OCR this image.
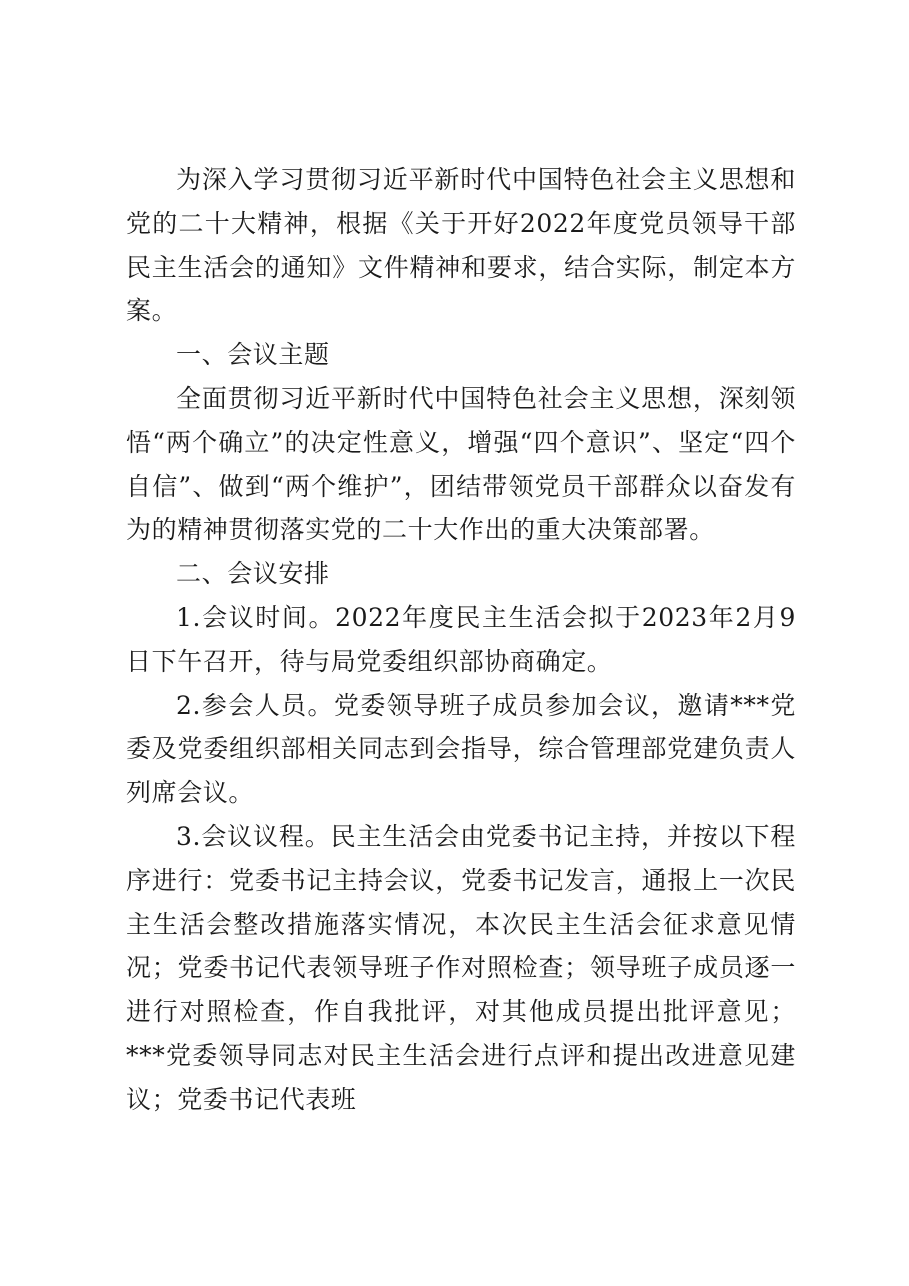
为深入学习贯彻习近平新时代中国特色社会主义思想和党的二十大精神，根据《关于开好2022年度党员领导干部民主生活会的通知》文件精神和要求，结合实际，制定本方案。

一、会议主题

全面贯彻习近平新时代中国特色社会主义思想，深刻领悟“两个确立”的决定性意义，增强“四个意识”、坚定“四个自信”、做到“两个维护”，团结带领党员干部群众以奋发有为的精神贯彻落实党的二十大作出的重大决策部署。

二、会议安排

1.会议时间。2022年度民主生活会拟于2023年2月9日下午召开，待与局党委组织部协商确定。

2.参会人员。党委领导班子成员参加会议，邀请***党委及党委组织部相关同志到会指导，综合管理部党建负责人列席会议。

3.会议议程。民主生活会由党委书记主持，并按以下程序进行：党委书记主持会议，党委书记发言，通报上一次民主生活会整改措施落实情况，本次民主生活会征求意见情况；党委书记代表领导班子作对照检查；领导班子成员逐一进行对照检查，作自我批评，对其他成员提出批评意见；***党委领导同志对民主生活会进行点评和提出改进意见建议；党委书记代表班
